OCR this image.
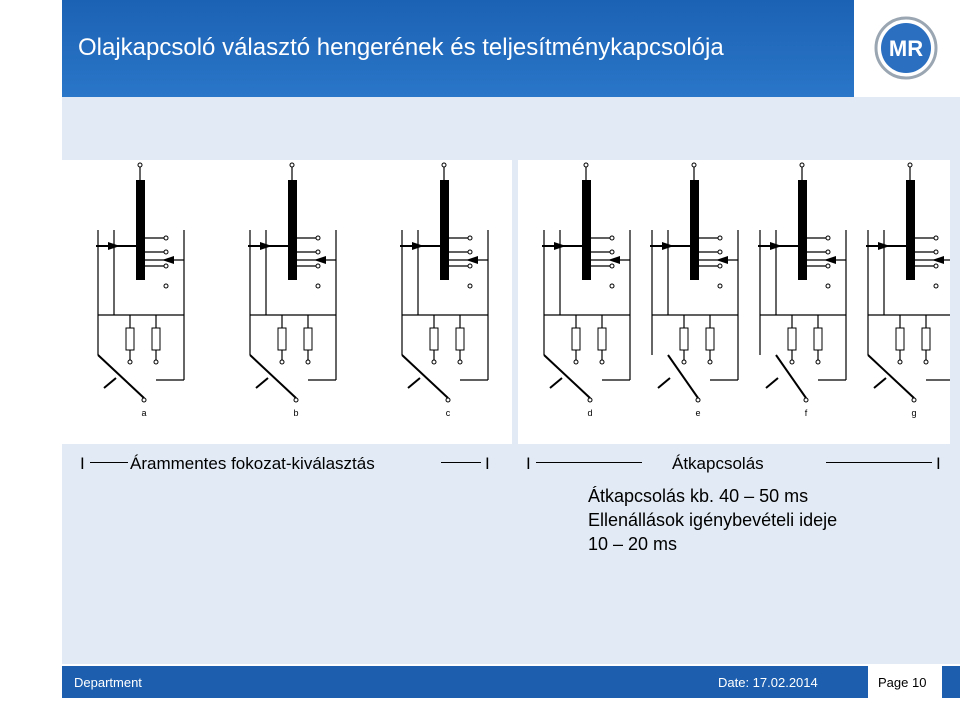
Olajkapcsoló választó hengerének és teljesítménykapcsolója	MR
a	b	c	d	e	f	g
I	Árammentes fokozat-kiválasztás	I I	Átkapcsolás	I
Átkapcsolás kb. 40 – 50 ms
Ellenállások igénybevételi ideje
10 – 20 ms
Department	Date: 17.02.2014	Page 10
